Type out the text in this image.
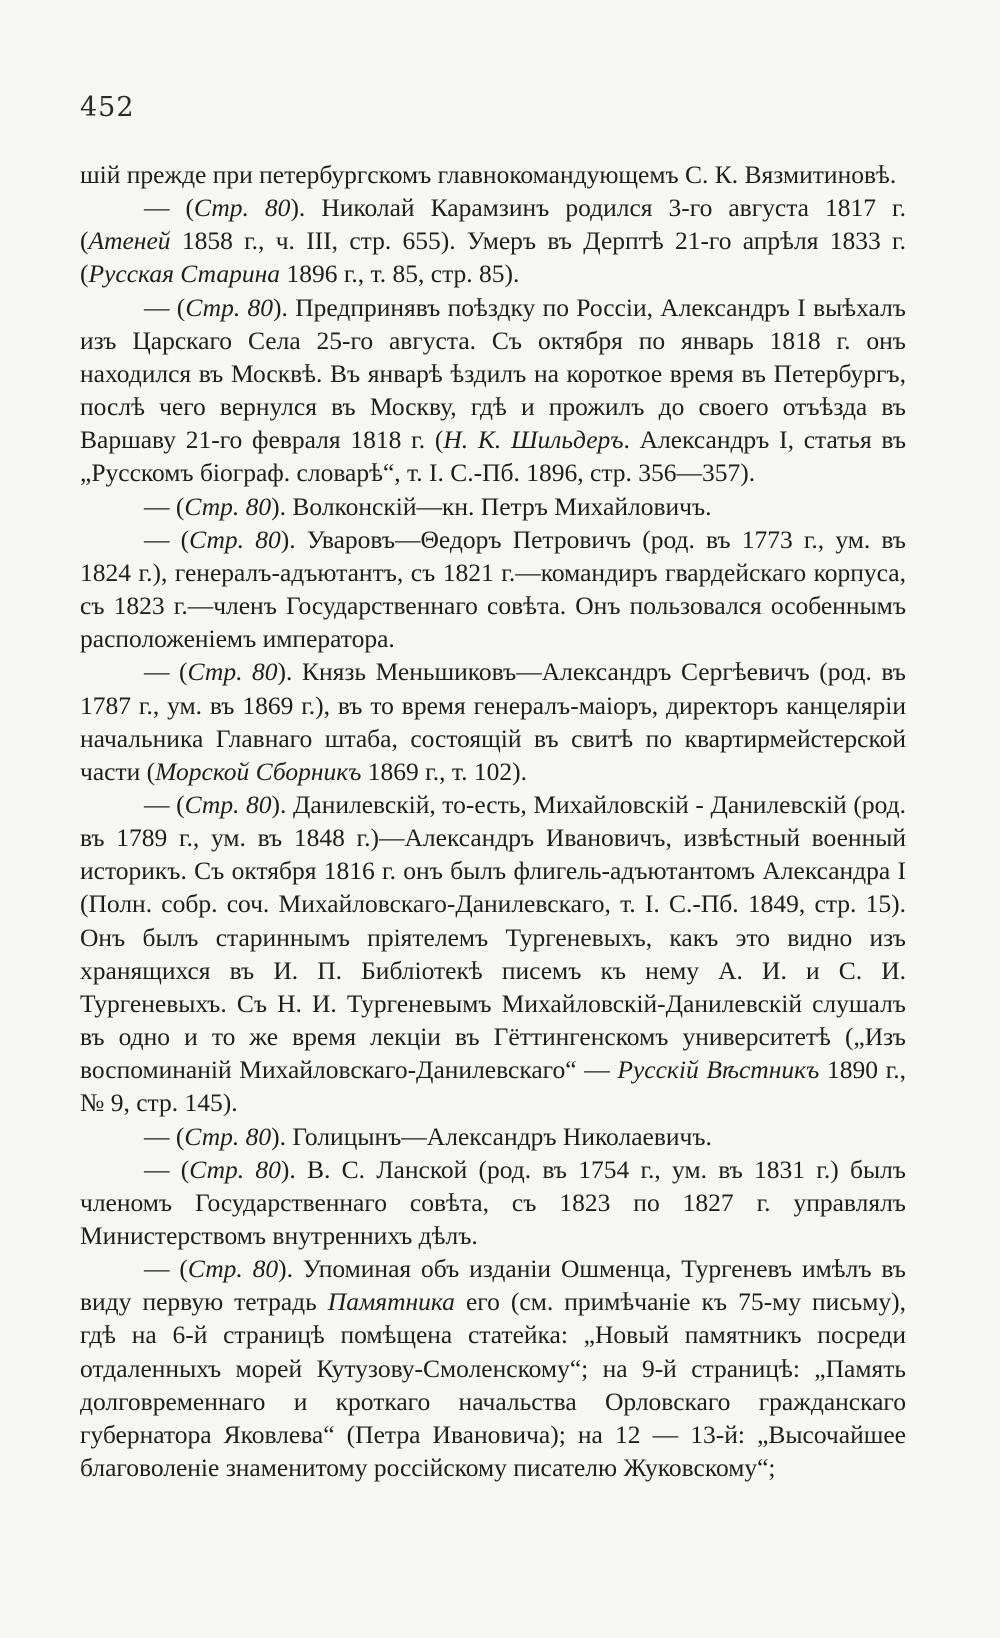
452

шій прежде при петербургскомъ главнокомандующемъ С. К. Вязмитиновѣ.

— (Стр. 80). Николай Карамзинъ родился 3-го августа 1817 г. (Атеней 1858 г., ч. III, стр. 655). Умеръ въ Дерптѣ 21-го апрѣля 1833 г. (Русская Старина 1896 г., т. 85, стр. 85).

— (Стр. 80). Предпринявъ поѣздку по Россіи, Александръ I выѣхалъ изъ Царскаго Села 25-го августа. Съ октября по январь 1818 г. онъ находился въ Москвѣ. Въ январѣ ѣздилъ на короткое время въ Петербургъ, послѣ чего вернулся въ Москву, гдѣ и прожилъ до своего отъѣзда въ Варшаву 21-го февраля 1818 г. (Н. К. Шильдеръ. Александръ I, статья въ „Русскомъ біограф. словарѣ“, т. I. С.-Пб. 1896, стр. 356—357).

— (Стр. 80). Волконскій—кн. Петръ Михайловичъ.

— (Стр. 80). Уваровъ—Θедоръ Петровичъ (род. въ 1773 г., ум. въ 1824 г.), генералъ-адъютантъ, съ 1821 г.—командиръ гвардейскаго корпуса, съ 1823 г.—членъ Государственнаго совѣта. Онъ пользовался особеннымъ расположеніемъ императора.

— (Стр. 80). Князь Меньшиковъ—Александръ Сергѣевичъ (род. въ 1787 г., ум. въ 1869 г.), въ то время генералъ-маіоръ, директоръ канцеляріи начальника Главнаго штаба, состоящій въ свитѣ по квартирмейстерской части (Морской Сборникъ 1869 г., т. 102).

— (Стр. 80). Данилевскій, то-есть, Михайловскій - Данилевскій (род. въ 1789 г., ум. въ 1848 г.)—Александръ Ивановичъ, извѣстный военный историкъ. Съ октября 1816 г. онъ былъ флигель-адъютантомъ Александра I (Полн. собр. соч. Михайловскаго-Данилевскаго, т. I. С.-Пб. 1849, стр. 15). Онъ былъ стариннымъ пріятелемъ Тургеневыхъ, какъ это видно изъ хранящихся въ И. П. Библіотекѣ писемъ къ нему А. И. и С. И. Тургеневыхъ. Съ Н. И. Тургеневымъ Михайловскій-Данилевскій слушалъ въ одно и то же время лекціи въ Гёттингенскомъ университетѣ („Изъ воспоминаній Михайловскаго-Данилевскаго“ — Русскій Вѣстникъ 1890 г., № 9, стр. 145).

— (Стр. 80). Голицынъ—Александръ Николаевичъ.

— (Стр. 80). В. С. Ланской (род. въ 1754 г., ум. въ 1831 г.) былъ членомъ Государственнаго совѣта, съ 1823 по 1827 г. управлялъ Министерствомъ внутреннихъ дѣлъ.

— (Стр. 80). Упоминая объ изданіи Ошменца, Тургеневъ имѣлъ въ виду первую тетрадь Памятника его (см. примѣчаніе къ 75-му письму), гдѣ на 6-й страницѣ помѣщена статейка: „Новый памятникъ посреди отдаленныхъ морей Кутузову-Смоленскому“; на 9-й страницѣ: „Память долговременнаго и кроткаго начальства Орловскаго гражданскаго губернатора Яковлева“ (Петра Ивановича); на 12 — 13-й: „Высочайшее благоволеніе знаменитому россійскому писателю Жуковскому“;
